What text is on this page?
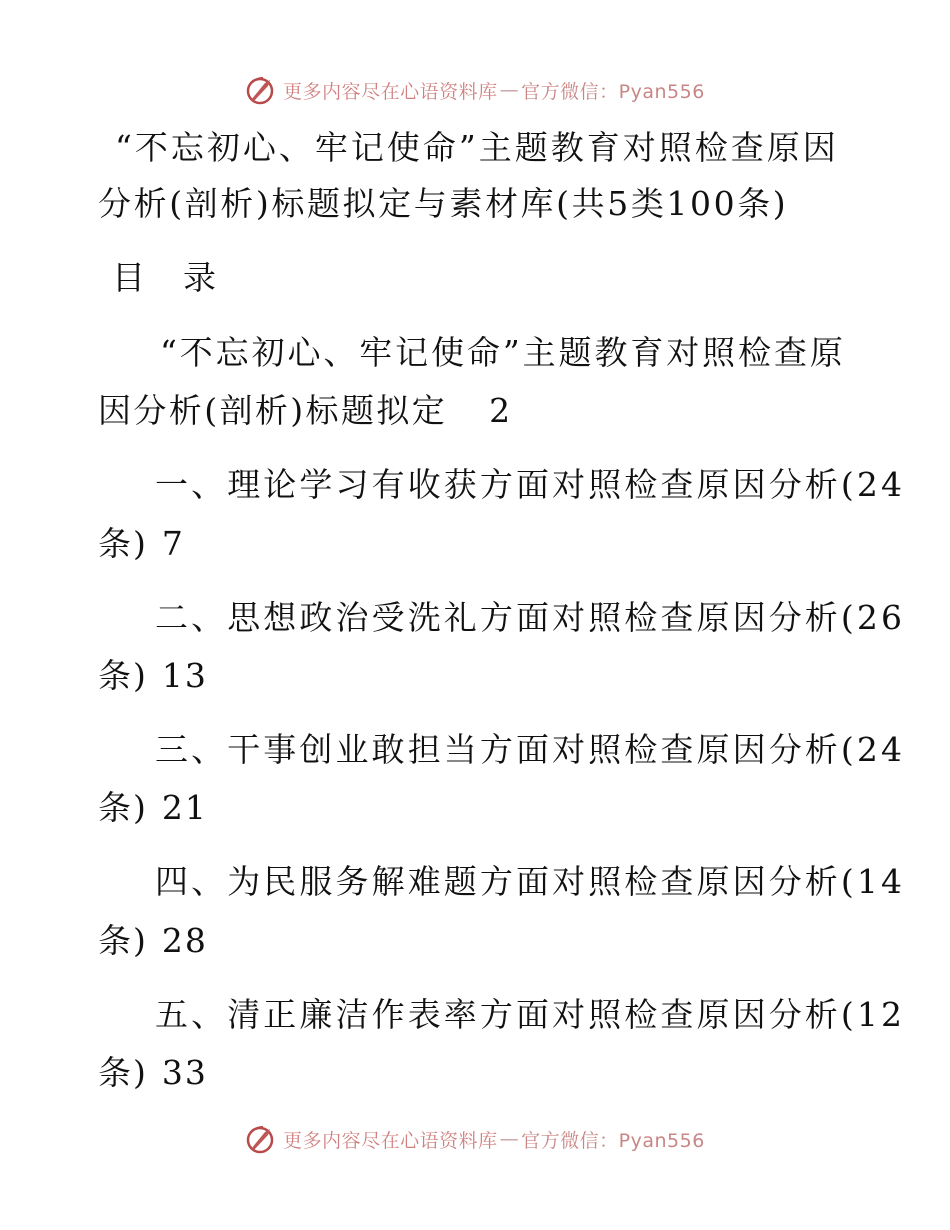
更多内容尽在心语资料库 — 官方微信：Pyan556
“不忘初心、牢记使命”主题教育对照检查原因
分析(剖析)标题拟定与素材库(共5类100条)
目 录
“不忘初心、牢记使命”主题教育对照检查原
因分析(剖析)标题拟定 2
一、理论学习有收获方面对照检查原因分析(24
条) 7
二、思想政治受洗礼方面对照检查原因分析(26
条) 13
三、干事创业敢担当方面对照检查原因分析(24
条) 21
四、为民服务解难题方面对照检查原因分析(14
条) 28
五、清正廉洁作表率方面对照检查原因分析(12
条) 33
更多内容尽在心语资料库 — 官方微信：Pyan556
